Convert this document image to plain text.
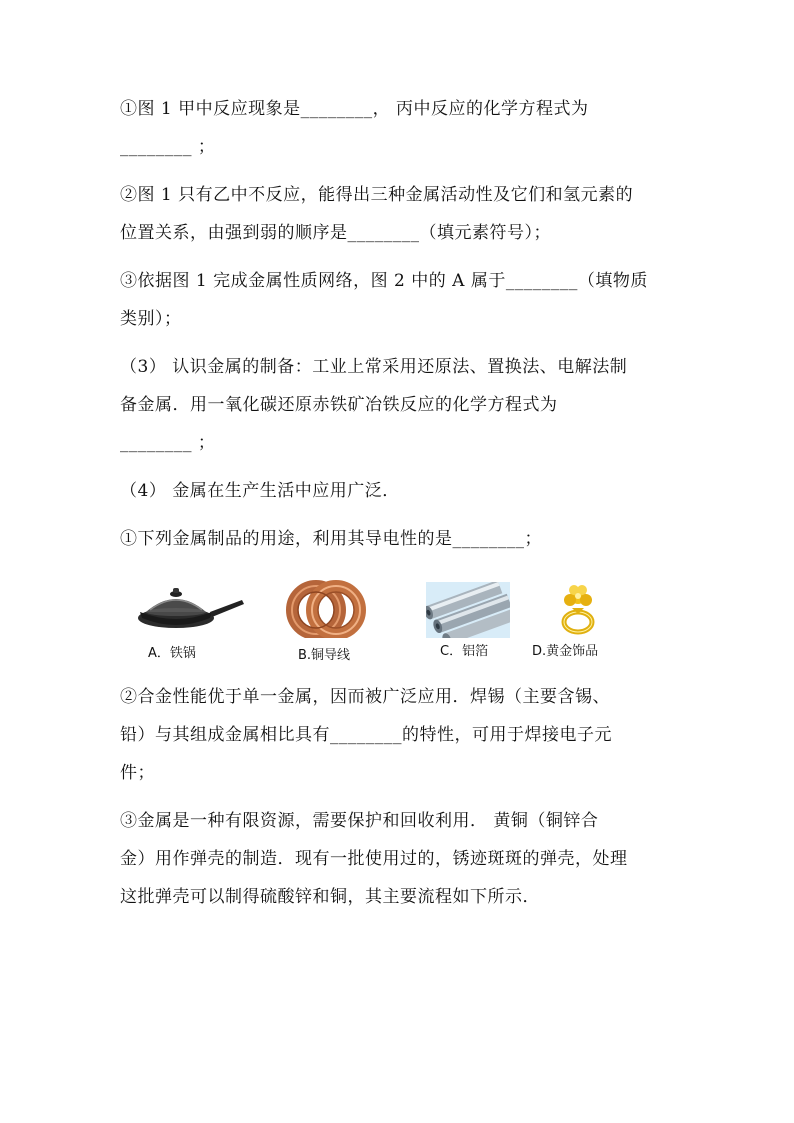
①图 1 甲中反应现象是________， 丙中反应的化学方程式为
________ ；
②图 1 只有乙中不反应，能得出三种金属活动性及它们和氢元素的
位置关系，由强到弱的顺序是________（填元素符号）；
③依据图 1 完成金属性质网络，图 2 中的 A 属于________（填物质
类别）；
（3） 认识金属的制备：工业上常采用还原法、置换法、电解法制
备金属．用一氧化碳还原赤铁矿冶铁反应的化学方程式为
________ ；
（4） 金属在生产生活中应用广泛．
①下列金属制品的用途，利用其导电性的是________；
A．铁锅	B.铜导线	C．铝箔	D.黄金饰品
②合金性能优于单一金属，因而被广泛应用．焊锡（主要含锡、
铅）与其组成金属相比具有________的特性，可用于焊接电子元
件；
③金属是一种有限资源，需要保护和回收利用． 黄铜（铜锌合
金）用作弹壳的制造．现有一批使用过的，锈迹斑斑的弹壳，处理
这批弹壳可以制得硫酸锌和铜，其主要流程如下所示．
